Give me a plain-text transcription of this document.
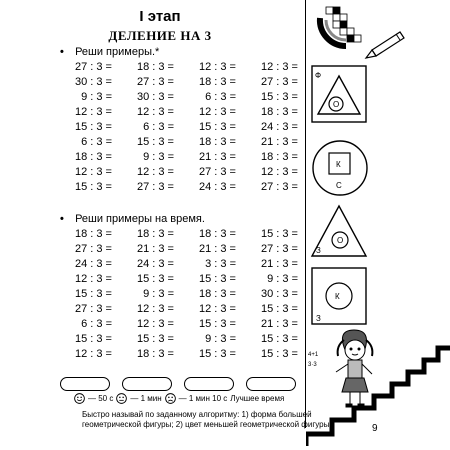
I этап
ДЕЛЕНИЕ НА 3
• Реши примеры.*
27 : 3 =	18 : 3 =	12 : 3 =	12 : 3 =
30 : 3 =	27 : 3 =	18 : 3 =	27 : 3 =
9 : 3 =	30 : 3 =	6 : 3 =	15 : 3 =
12 : 3 =	12 : 3 =	12 : 3 =	18 : 3 =
15 : 3 =	6 : 3 =	15 : 3 =	24 : 3 =
6 : 3 =	15 : 3 =	18 : 3 =	21 : 3 =
18 : 3 =	9 : 3 =	21 : 3 =	18 : 3 =
12 : 3 =	12 : 3 =	27 : 3 =	12 : 3 =
15 : 3 =	27 : 3 =	24 : 3 =	27 : 3 =
• Реши примеры на время.
18 : 3 =	18 : 3 =	18 : 3 =	15 : 3 =
27 : 3 =	21 : 3 =	21 : 3 =	27 : 3 =
24 : 3 =	24 : 3 =	3 : 3 =	21 : 3 =
12 : 3 =	15 : 3 =	15 : 3 =	9 : 3 =
15 : 3 =	9 : 3 =	18 : 3 =	30 : 3 =
27 : 3 =	12 : 3 =	12 : 3 =	15 : 3 =
6 : 3 =	12 : 3 =	15 : 3 =	21 : 3 =
15 : 3 =	15 : 3 =	9 : 3 =	15 : 3 =
12 : 3 =	18 : 3 =	15 : 3 =	15 : 3 =
— 50 с — 1 мин — 1 мин 10 с Лучшее время
Быстро называй по заданному алгоритму: 1) форма большей геометрической фигуры; 2) цвет меньшей геометрической фигуры.
Ф
О
К
С
О
З
К
З
4+1
3·3
9
